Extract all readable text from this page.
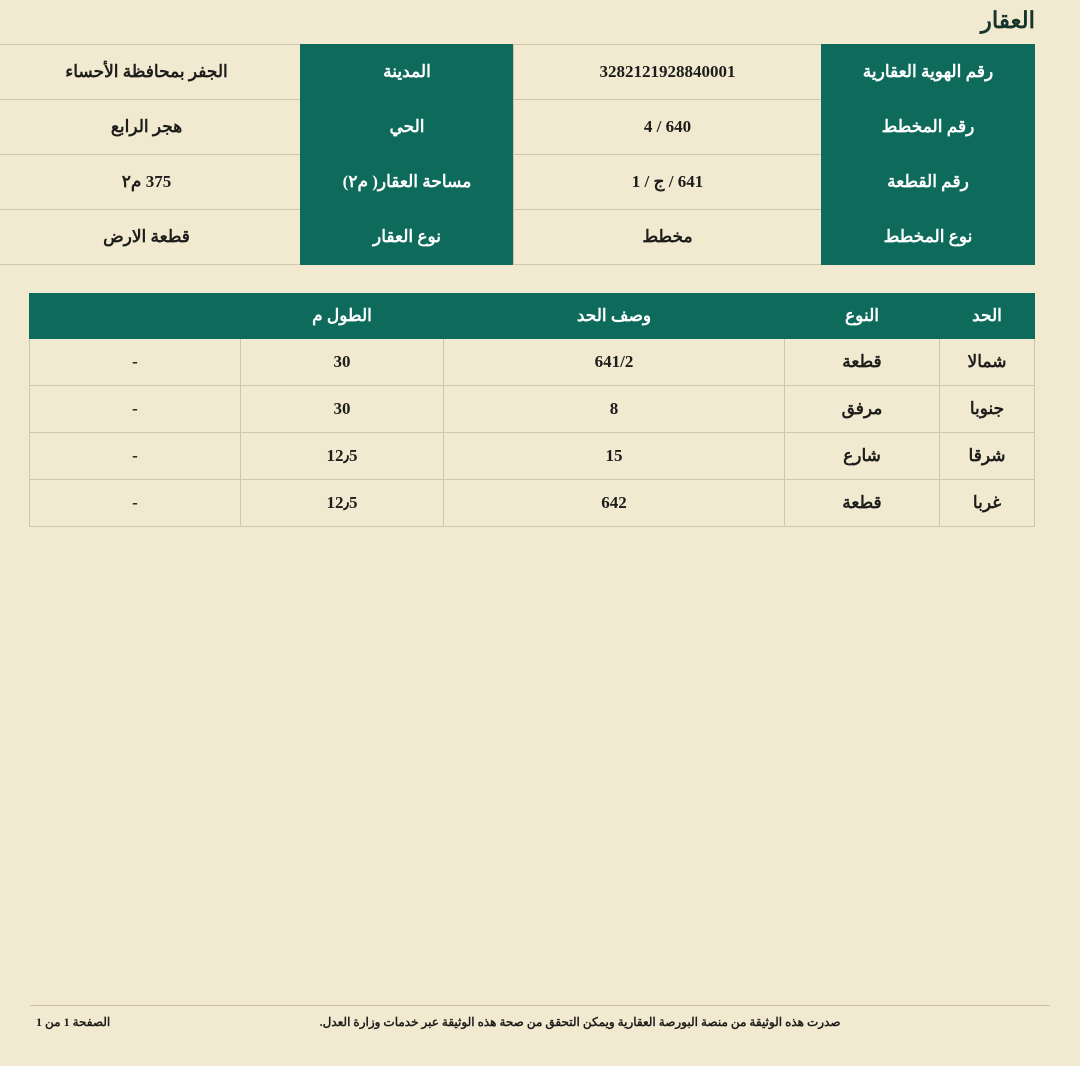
العقار
رقم الهوية العقارية	3282121928840001	المدينة	الجفر بمحافظة الأحساء
رقم المخطط	640 / 4	الحي	هجر الرابع
رقم القطعة	641 / ج / 1	مساحة العقار( م٢)	375 م٢
نوع المخطط	مخطط	نوع العقار	قطعة الارض
الحد	النوع	وصف الحد	الطول م	
شمالا	قطعة	641/2	30	-
جنوبا	مرفق	8	30	-
شرقا	شارع	15	12٫5	-
غربا	قطعة	642	12٫5	-
الصفحة 1 من 1	صدرت هذه الوثيقة من منصة البورصة العقارية ويمكن التحقق من صحة هذه الوثيقة عبر خدمات وزارة العدل.
